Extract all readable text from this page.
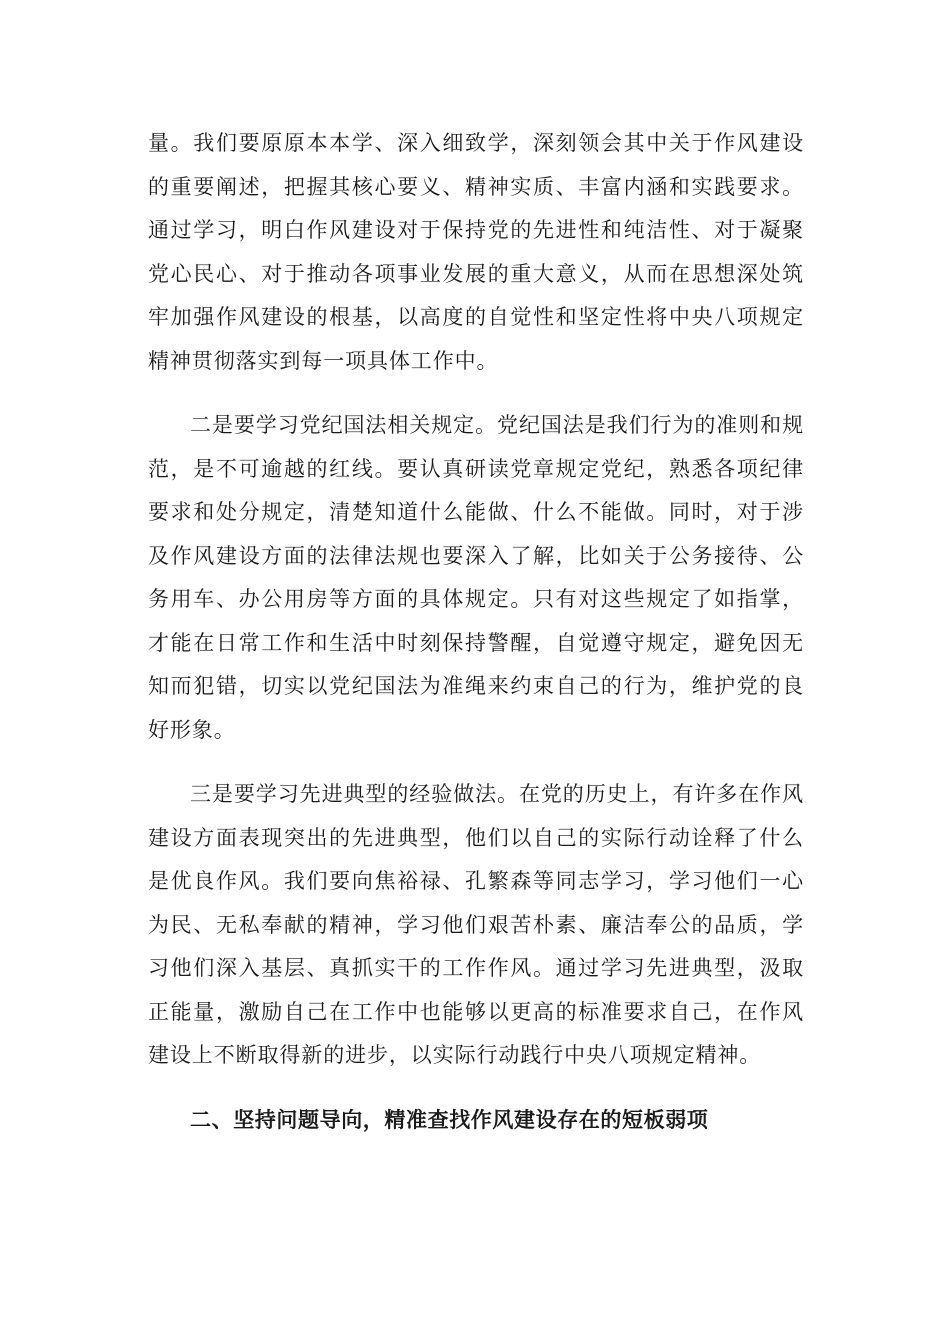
量。我们要原原本本学、深入细致学，深刻领会其中关于作风建设的重要阐述，把握其核心要义、精神实质、丰富内涵和实践要求。通过学习，明白作风建设对于保持党的先进性和纯洁性、对于凝聚党心民心、对于推动各项事业发展的重大意义，从而在思想深处筑牢加强作风建设的根基，以高度的自觉性和坚定性将中央八项规定精神贯彻落实到每一项具体工作中。

二是要学习党纪国法相关规定。党纪国法是我们行为的准则和规范，是不可逾越的红线。要认真研读党章规定党纪，熟悉各项纪律要求和处分规定，清楚知道什么能做、什么不能做。同时，对于涉及作风建设方面的法律法规也要深入了解，比如关于公务接待、公务用车、办公用房等方面的具体规定。只有对这些规定了如指掌，才能在日常工作和生活中时刻保持警醒，自觉遵守规定，避免因无知而犯错，切实以党纪国法为准绳来约束自己的行为，维护党的良好形象。

三是要学习先进典型的经验做法。在党的历史上，有许多在作风建设方面表现突出的先进典型，他们以自己的实际行动诠释了什么是优良作风。我们要向焦裕禄、孔繁森等同志学习，学习他们一心为民、无私奉献的精神，学习他们艰苦朴素、廉洁奉公的品质，学习他们深入基层、真抓实干的工作作风。通过学习先进典型，汲取正能量，激励自己在工作中也能够以更高的标准要求自己，在作风建设上不断取得新的进步，以实际行动践行中央八项规定精神。

二、坚持问题导向，精准查找作风建设存在的短板弱项
